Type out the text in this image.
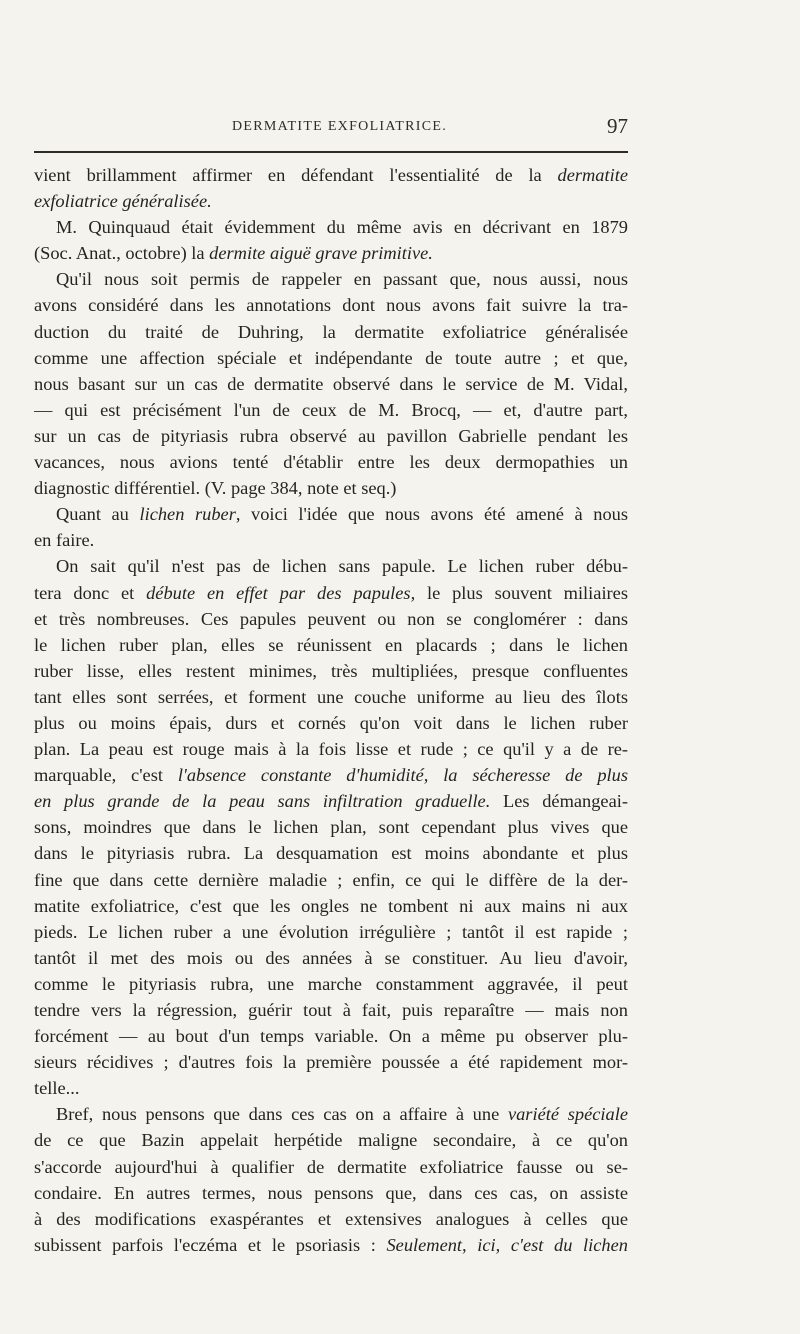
DERMATITE EXFOLIATRICE.	97
vient brillamment affirmer en défendant l'essentialité de la dermatite
exfoliatrice généralisée.
M. Quinquaud était évidemment du même avis en décrivant en 1879
(Soc. Anat., octobre) la dermite aiguë grave primitive.
Qu'il nous soit permis de rappeler en passant que, nous aussi, nous
avons considéré dans les annotations dont nous avons fait suivre la tra-
duction du traité de Duhring, la dermatite exfoliatrice généralisée
comme une affection spéciale et indépendante de toute autre ; et que,
nous basant sur un cas de dermatite observé dans le service de M. Vidal,
— qui est précisément l'un de ceux de M. Brocq, — et, d'autre part,
sur un cas de pityriasis rubra observé au pavillon Gabrielle pendant les
vacances, nous avions tenté d'établir entre les deux dermopathies un
diagnostic différentiel. (V. page 384, note et seq.)
Quant au lichen ruber, voici l'idée que nous avons été amené à nous
en faire.
On sait qu'il n'est pas de lichen sans papule. Le lichen ruber débu-
tera donc et débute en effet par des papules, le plus souvent miliaires
et très nombreuses. Ces papules peuvent ou non se conglomérer : dans
le lichen ruber plan, elles se réunissent en placards ; dans le lichen
ruber lisse, elles restent minimes, très multipliées, presque confluentes
tant elles sont serrées, et forment une couche uniforme au lieu des îlots
plus ou moins épais, durs et cornés qu'on voit dans le lichen ruber
plan. La peau est rouge mais à la fois lisse et rude ; ce qu'il y a de re-
marquable, c'est l'absence constante d'humidité, la sécheresse de plus
en plus grande de la peau sans infiltration graduelle. Les démangeai-
sons, moindres que dans le lichen plan, sont cependant plus vives que
dans le pityriasis rubra. La desquamation est moins abondante et plus
fine que dans cette dernière maladie ; enfin, ce qui le diffère de la der-
matite exfoliatrice, c'est que les ongles ne tombent ni aux mains ni aux
pieds. Le lichen ruber a une évolution irrégulière ; tantôt il est rapide ;
tantôt il met des mois ou des années à se constituer. Au lieu d'avoir,
comme le pityriasis rubra, une marche constamment aggravée, il peut
tendre vers la régression, guérir tout à fait, puis reparaître — mais non
forcément — au bout d'un temps variable. On a même pu observer plu-
sieurs récidives ; d'autres fois la première poussée a été rapidement mor-
telle...
Bref, nous pensons que dans ces cas on a affaire à une variété spéciale
de ce que Bazin appelait herpétide maligne secondaire, à ce qu'on
s'accorde aujourd'hui à qualifier de dermatite exfoliatrice fausse ou se-
condaire. En autres termes, nous pensons que, dans ces cas, on assiste
à des modifications exaspérantes et extensives analogues à celles que
subissent parfois l'eczéma et le psoriasis : Seulement, ici, c'est du lichen
